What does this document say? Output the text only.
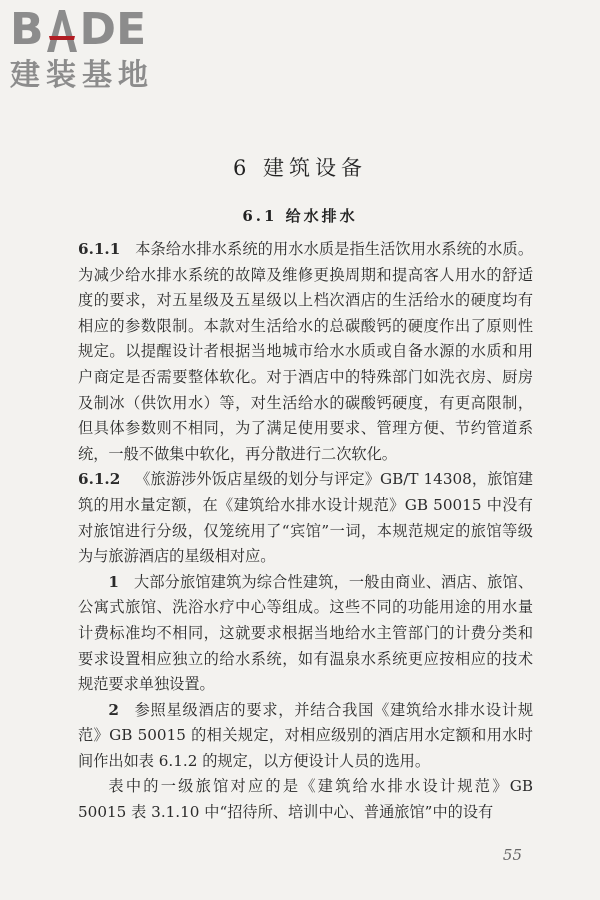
B DE
建装基地
6 建筑设备
6.1 给水排水

6.1.1 本条给水排水系统的用水水质是指生活饮用水系统的水质。为减少给水排水系统的故障及维修更换周期和提高客人用水的舒适度的要求，对五星级及五星级以上档次酒店的生活给水的硬度均有相应的参数限制。本款对生活给水的总碳酸钙的硬度作出了原则性规定。以提醒设计者根据当地城市给水水质或自备水源的水质和用户商定是否需要整体软化。对于酒店中的特殊部门如洗衣房、厨房及制冰（供饮用水）等，对生活给水的碳酸钙硬度，有更高限制，但具体参数则不相同，为了满足使用要求、管理方便、节约管道系统，一般不做集中软化，再分散进行二次软化。

6.1.2 《旅游涉外饭店星级的划分与评定》GB/T 14308，旅馆建筑的用水量定额，在《建筑给水排水设计规范》GB 50015 中没有对旅馆进行分级，仅笼统用了“宾馆”一词，本规范规定的旅馆等级为与旅游酒店的星级相对应。

1 大部分旅馆建筑为综合性建筑，一般由商业、酒店、旅馆、公寓式旅馆、洗浴水疗中心等组成。这些不同的功能用途的用水量计费标准均不相同，这就要求根据当地给水主管部门的计费分类和要求设置相应独立的给水系统，如有温泉水系统更应按相应的技术规范要求单独设置。

2 参照星级酒店的要求，并结合我国《建筑给水排水设计规范》GB 50015 的相关规定，对相应级别的酒店用水定额和用水时间作出如表 6.1.2 的规定，以方便设计人员的选用。

表中的一级旅馆对应的是《建筑给水排水设计规范》GB 50015 表 3.1.10 中“招待所、培训中心、普通旅馆”中的设有

55
